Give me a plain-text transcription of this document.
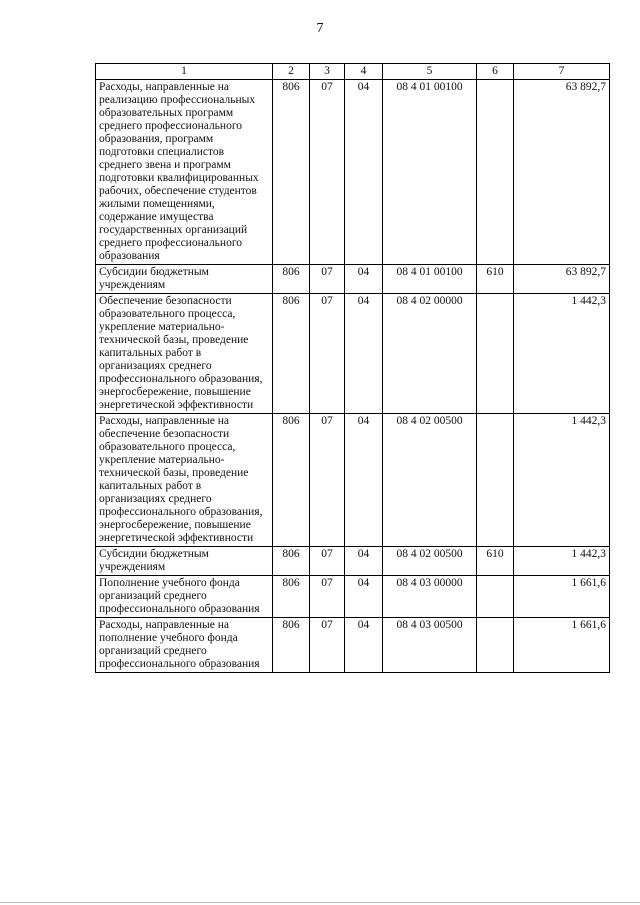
7
1	2	3	4	5	6	7
Расходы, направленные на реализацию профессиональных образовательных программ среднего профессионального образования, программ подготовки специалистов среднего звена и программ подготовки квалифицированных рабочих, обеспечение студентов жилыми помещениями, содержание имущества государственных организаций среднего профессионального образования	806	07	04	08 4 01 00100		63 892,7
Субсидии бюджетным учреждениям	806	07	04	08 4 01 00100	610	63 892,7
Обеспечение безопасности образовательного процесса, укрепление материально-технической базы, проведение капитальных работ в организациях среднего профессионального образования, энергосбережение, повышение энергетической эффективности	806	07	04	08 4 02 00000		1 442,3
Расходы, направленные на обеспечение безопасности образовательного процесса, укрепление материально-технической базы, проведение капитальных работ в организациях среднего профессионального образования, энергосбережение, повышение энергетической эффективности	806	07	04	08 4 02 00500		1 442,3
Субсидии бюджетным учреждениям	806	07	04	08 4 02 00500	610	1 442,3
Пополнение учебного фонда организаций среднего профессионального образования	806	07	04	08 4 03 00000		1 661,6
Расходы, направленные на пополнение учебного фонда организаций среднего профессионального образования	806	07	04	08 4 03 00500		1 661,6
